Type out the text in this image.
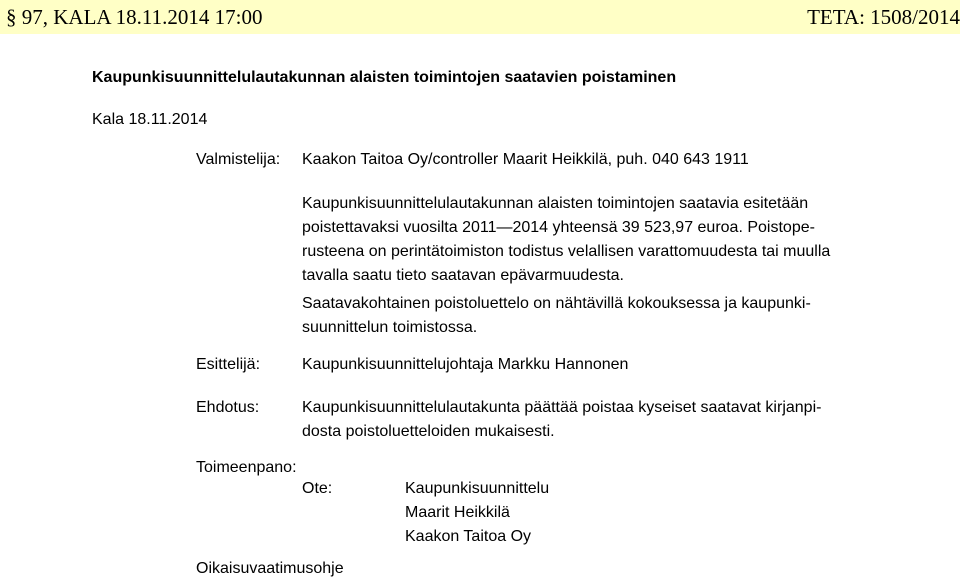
§ 97, KALA 18.11.2014 17:00	TETA: 1508/2014
Kaupunkisuunnittelulautakunnan alaisten toimintojen saatavien poistaminen
Kala 18.11.2014
Valmistelija: Kaakon Taitoa Oy/controller Maarit Heikkilä, puh. 040 643 1911
Kaupunkisuunnittelulautakunnan alaisten toimintojen saatavia esitetään
poistettavaksi vuosilta 2011—2014 yhteensä 39 523,97 euroa. Poistope-
rusteena on perintätoimiston todistus velallisen varattomuudesta tai muulla
tavalla saatu tieto saatavan epävarmuudesta.
Saatavakohtainen poistoluettelo on nähtävillä kokouksessa ja kaupunki-
suunnittelun toimistossa.
Esittelijä:	Kaupunkisuunnittelujohtaja Markku Hannonen
Ehdotus:	Kaupunkisuunnittelulautakunta päättää poistaa kyseiset saatavat kirjanpi-
dosta poistoluetteloiden mukaisesti.
Toimeenpano:
Ote:	Kaupunkisuunnittelu
Maarit Heikkilä
Kaakon Taitoa Oy
Oikaisuvaatimusohje
